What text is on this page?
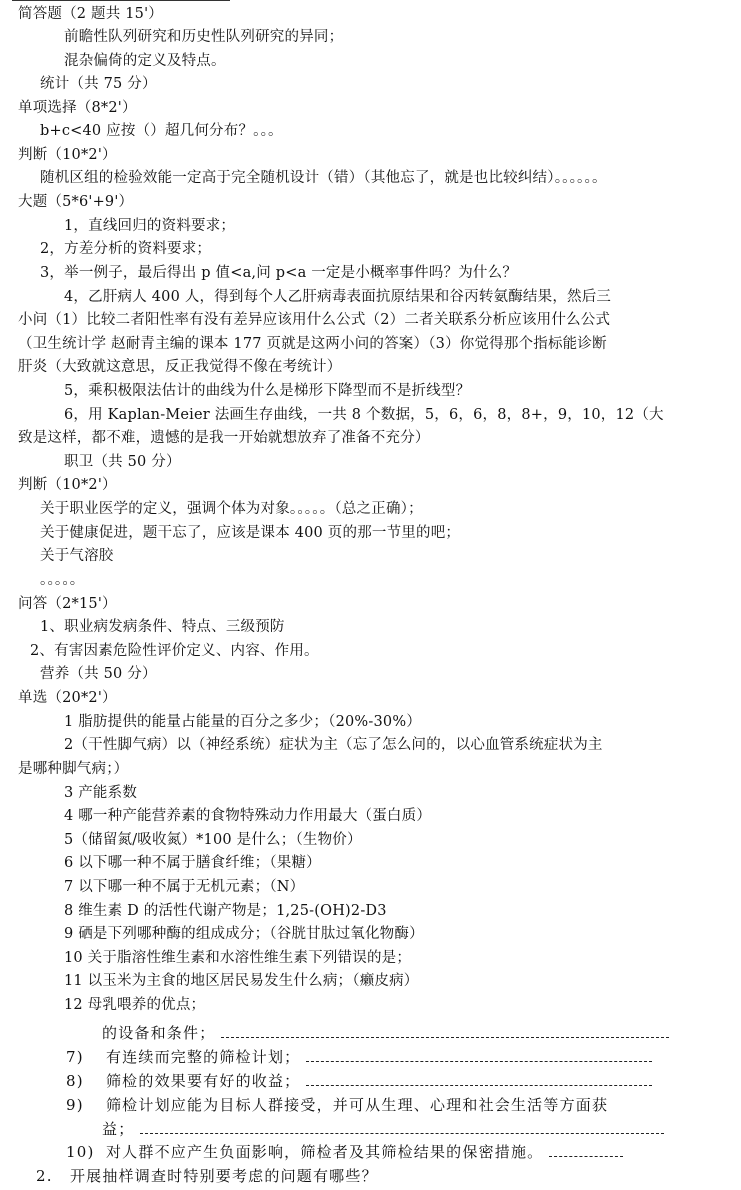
简答题（2 题共 15'）
前瞻性队列研究和历史性队列研究的异同；
混杂偏倚的定义及特点。
统计（共 75 分）
单项选择（8*2'）
b+c<40 应按（）超几何分布？。。。
判断（10*2'）
随机区组的检验效能一定高于完全随机设计（错）（其他忘了，就是也比较纠结）。。。。。。
大题（5*6'+9'）
1，直线回归的资料要求；
2，方差分析的资料要求；
3，举一例子，最后得出 p 值<a,问 p<a 一定是小概率事件吗？为什么？
4，乙肝病人 400 人，得到每个人乙肝病毒表面抗原结果和谷丙转氨酶结果，然后三
小问（1）比较二者阳性率有没有差异应该用什么公式（2）二者关联系分析应该用什么公式
（卫生统计学 赵耐青主编的课本 177 页就是这两小问的答案）（3）你觉得那个指标能诊断
肝炎（大致就这意思，反正我觉得不像在考统计）
5，乘积极限法估计的曲线为什么是梯形下降型而不是折线型？
6，用 Kaplan-Meier 法画生存曲线，一共 8 个数据，5，6，6，8，8+，9，10，12（大
致是这样，都不难，遗憾的是我一开始就想放弃了准备不充分）
职卫（共 50 分）
判断（10*2'）
关于职业医学的定义，强调个体为对象。。。。。（总之正确）；
关于健康促进，题干忘了，应该是课本 400 页的那一节里的吧；
关于气溶胶
。。。。。
问答（2*15'）
1、职业病发病条件、特点、三级预防
2、有害因素危险性评价定义、内容、作用。
营养（共 50 分）
单选（20*2'）
1 脂肪提供的能量占能量的百分之多少；（20%-30%）
2（干性脚气病）以（神经系统）症状为主（忘了怎么问的，以心血管系统症状为主
是哪种脚气病；）
3 产能系数
4 哪一种产能营养素的食物特殊动力作用最大（蛋白质）
5（储留氮/吸收氮）*100 是什么；（生物价）
6 以下哪一种不属于膳食纤维；（果糖）
7 以下哪一种不属于无机元素；（N）
8 维生素 D 的活性代谢产物是；1,25-(OH)2-D3
9 硒是下列哪种酶的组成成分；（谷胱甘肽过氧化物酶）
10 关于脂溶性维生素和水溶性维生素下列错误的是；
11 以玉米为主食的地区居民易发生什么病；（癞皮病）
12 母乳喂养的优点；
的设备和条件；
7) 有连续而完整的筛检计划；
8) 筛检的效果要有好的收益；
9) 筛检计划应能为目标人群接受，并可从生理、心理和社会生活等方面获
益；
10) 对人群不应产生负面影响，筛检者及其筛检结果的保密措施。
2. 开展抽样调查时特别要考虑的问题有哪些？
